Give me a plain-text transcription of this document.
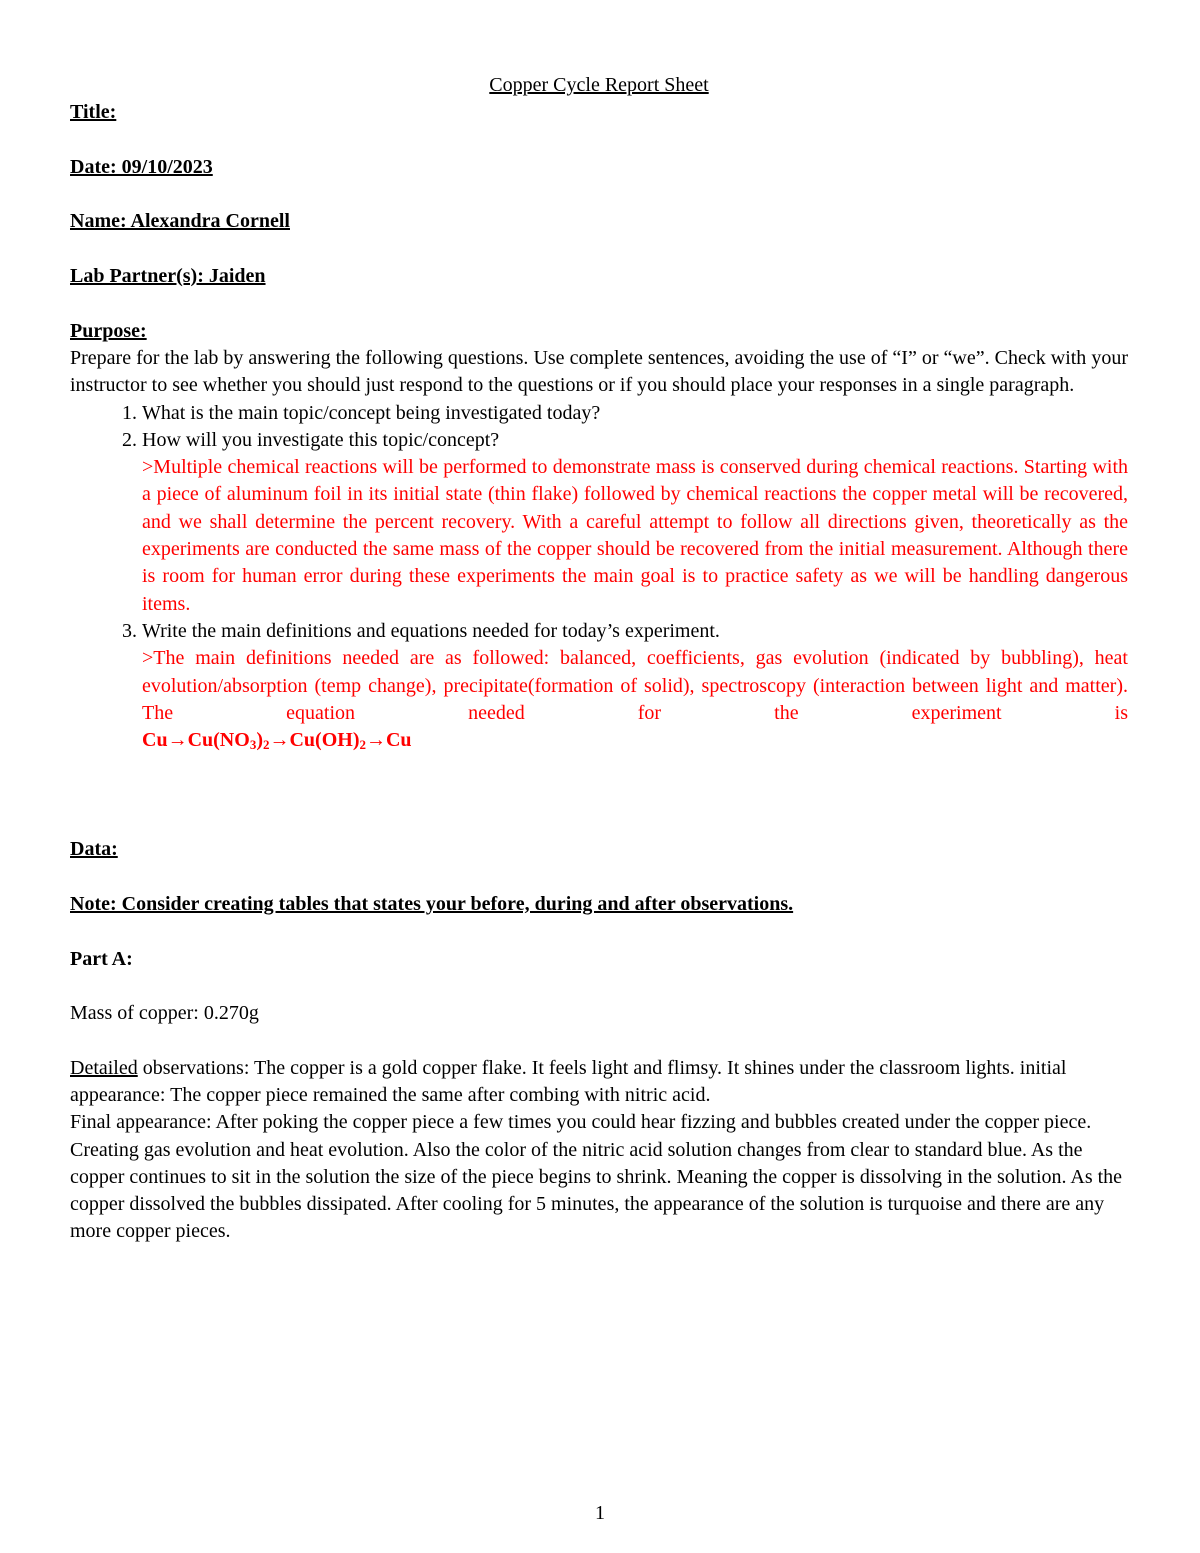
Copper Cycle Report Sheet

Title:

Date: 09/10/2023

Name: Alexandra Cornell

Lab Partner(s): Jaiden

Purpose:

Prepare for the lab by answering the following questions. Use complete sentences, avoiding the use of “I” or “we”. Check with your instructor to see whether you should just respond to the questions or if you should place your responses in a single paragraph.

1. What is the main topic/concept being investigated today?
2. How will you investigate this topic/concept?

>Multiple chemical reactions will be performed to demonstrate mass is conserved during chemical reactions. Starting with a piece of aluminum foil in its initial state (thin flake) followed by chemical reactions the copper metal will be recovered, and we shall determine the percent recovery. With a careful attempt to follow all directions given, theoretically as the experiments are conducted the same mass of the copper should be recovered from the initial measurement. Although there is room for human error during these experiments the main goal is to practice safety as we will be handling dangerous items.

3. Write the main definitions and equations needed for today’s experiment.

>The main definitions needed are as followed: balanced, coefficients, gas evolution (indicated by bubbling), heat evolution/absorption (temp change), precipitate(formation of solid), spectroscopy (interaction between light and matter). The equation needed for the experiment is

$Cu\to Cu(NO_3)_2\to Cu(OH)_2\to Cu$

Data:

Note: Consider creating tables that states your before, during and after observations.

Part A:

Mass of copper: 0.270g

Detailed observations: The copper is a gold copper flake. It feels light and flimsy. It shines under the classroom lights. initial appearance: The copper piece remained the same after combing with nitric acid.

Final appearance: After poking the copper piece a few times you could hear fizzing and bubbles created under the copper piece. Creating gas evolution and heat evolution. Also the color of the nitric acid solution changes from clear to standard blue. As the copper continues to sit in the solution the size of the piece begins to shrink. Meaning the copper is dissolving in the solution. As the copper dissolved the bubbles dissipated. After cooling for 5 minutes, the appearance of the solution is turquoise and there are any more copper pieces.

1
